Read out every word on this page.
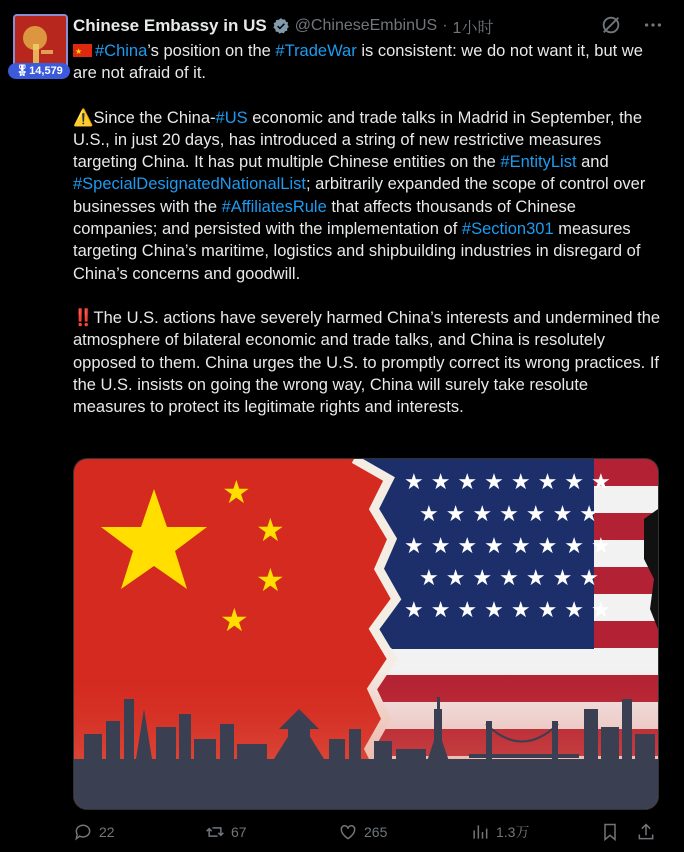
🎖14,579
Chinese Embassy in US @ChineseEmbinUS · 1小时

★#China’s position on the #TradeWar is consistent: we do not want it, but we are not afraid of it.

⚠️Since the China-#US economic and trade talks in Madrid in September, the U.S., in just 20 days, has introduced a string of new restrictive measures targeting China. It has put multiple Chinese entities on the #EntityList and #SpecialDesignatedNationalList; arbitrarily expanded the scope of control over businesses with the #AffiliatesRule that affects thousands of Chinese companies; and persisted with the implementation of #Section301 measures targeting China’s maritime, logistics and shipbuilding industries in disregard of China’s concerns and goodwill.

‼️The U.S. actions have severely harmed China’s interests and undermined the atmosphere of bilateral economic and trade talks, and China is resolutely opposed to them. China urges the U.S. to promptly correct its wrong practices. If the U.S. insists on going the wrong way, China will surely take resolute measures to protect its legitimate rights and interests.

★ ★ ★ ★ ★ ★ ★ ★
★ ★ ★ ★ ★ ★ ★
★ ★ ★ ★ ★ ★ ★ ★
★ ★ ★ ★ ★ ★ ★
★ ★ ★ ★ ★ ★ ★ ★
★
★
★
★
22	67	265	1.3万
